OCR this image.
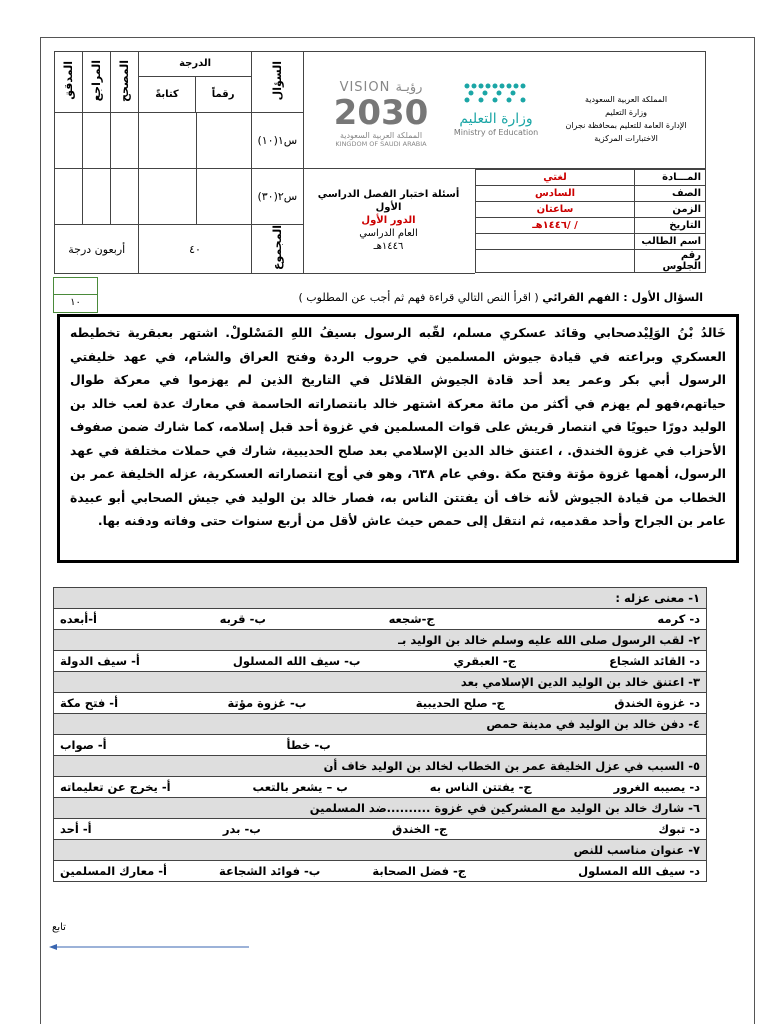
المدقق	المراجع	المصحح	الدرجة
كتابةً رقماً		السؤال
					س١(١٠)
					س٢(٣٠)
أربعون درجة			٤٠		المجموع
VISION رؤيـة
2030
المملكة العربية السعودية
KINGDOM OF SAUDI ARABIA
وزارة التعليم
Ministry of Education
المملكة العربية السعودية
وزارة التعليم
الإدارة العامة للتعليم بمحافظة نجران
الاختبارات المركزية
أسئلة اختبار الفصل الدراسي الأول
الدور الأول
العام الدراسي
١٤٤٦هـ
لغتي	المـــادة
السادس	الصف
ساعتان	الزمن
/ /١٤٤٦هـ	التاريخ
	اسم الطالب
	رقم الجلوس
السؤال الأول : الفهم القرائي ( اقرأ النص التالي قراءة فهم ثم أجب عن المطلوب )
١٠
خَالدُ بْنُ الوَلِيْدصحابي وقائد عسكري مسلم، لقّبه الرسول بسيفُ اللهِ المَسْلولْ. اشتهر بعبقرية تخطيطه العسكري وبراعته في قيادة جيوش المسلمين في حروب الردة وفتح العراق والشام، في عهد خليفتي الرسول أبي بكر وعمر يعد أحد قادة الجيوش القلائل في التاريخ الذين لم يهزموا في معركة طوال حياتهم،فهو لم يهزم في أكثر من مائة معركة اشتهر خالد بانتصاراته الحاسمة في معارك عدة لعب خالد بن الوليد دورًا حيويًا في انتصار قريش على قوات المسلمين في غزوة أحد قبل إسلامه، كما شارك ضمن صفوف الأحزاب في غزوة الخندق. ، اعتنق خالد الدين الإسلامي بعد صلح الحديبية، شارك في حملات مختلفة في عهد الرسول، أهمها غزوة مؤتة وفتح مكة .وفي عام ٦٣٨، وهو في أوج انتصاراته العسكرية، عزله الخليفة عمر بن الخطاب من قيادة الجيوش لأنه خاف أن يفتتن الناس به، فصار خالد بن الوليد في جيش الصحابي أبو عبيدة عامر بن الجراح وأحد مقدميه، ثم انتقل إلى حمص حيث عاش لأقل من أربع سنوات حتى وفاته ودفنه بها.
١- معنى عزله :

أ-أبعده	ب- قربه	ج-شجعه	د- كرمه

٢- لقب الرسول صلى الله عليه وسلم خالد بن الوليد بـ

أ- سيف الدولة	ب- سيف الله المسلول	ج- العبقري	د- القائد الشجاع

٣- اعتنق خالد بن الوليد الدين الإسلامي بعد

أ- فتح مكة	ب- غزوة مؤتة	ج- صلح الحديبية	د- غزوة الخندق

٤- دفن خالد بن الوليد في مدينة حمص

أ- صواب	ب- خطأ

٥- السبب في عزل الخليفة عمر بن الخطاب لخالد بن الوليد خاف أن

أ- يخرج عن تعليماته	ب – يشعر بالتعب	ج- يفتتن الناس به	د- يصيبه الغرور

٦- شارك خالد بن الوليد مع المشركين في غزوة ..........ضد المسلمين

أ- أحد	ب- بدر	ج- الخندق	د- تبوك

٧- عنوان مناسب للنص

أ- معارك المسلمين	ب- فوائد الشجاعة	ج- فضل الصحابة	د- سيف الله المسلول
تابع
